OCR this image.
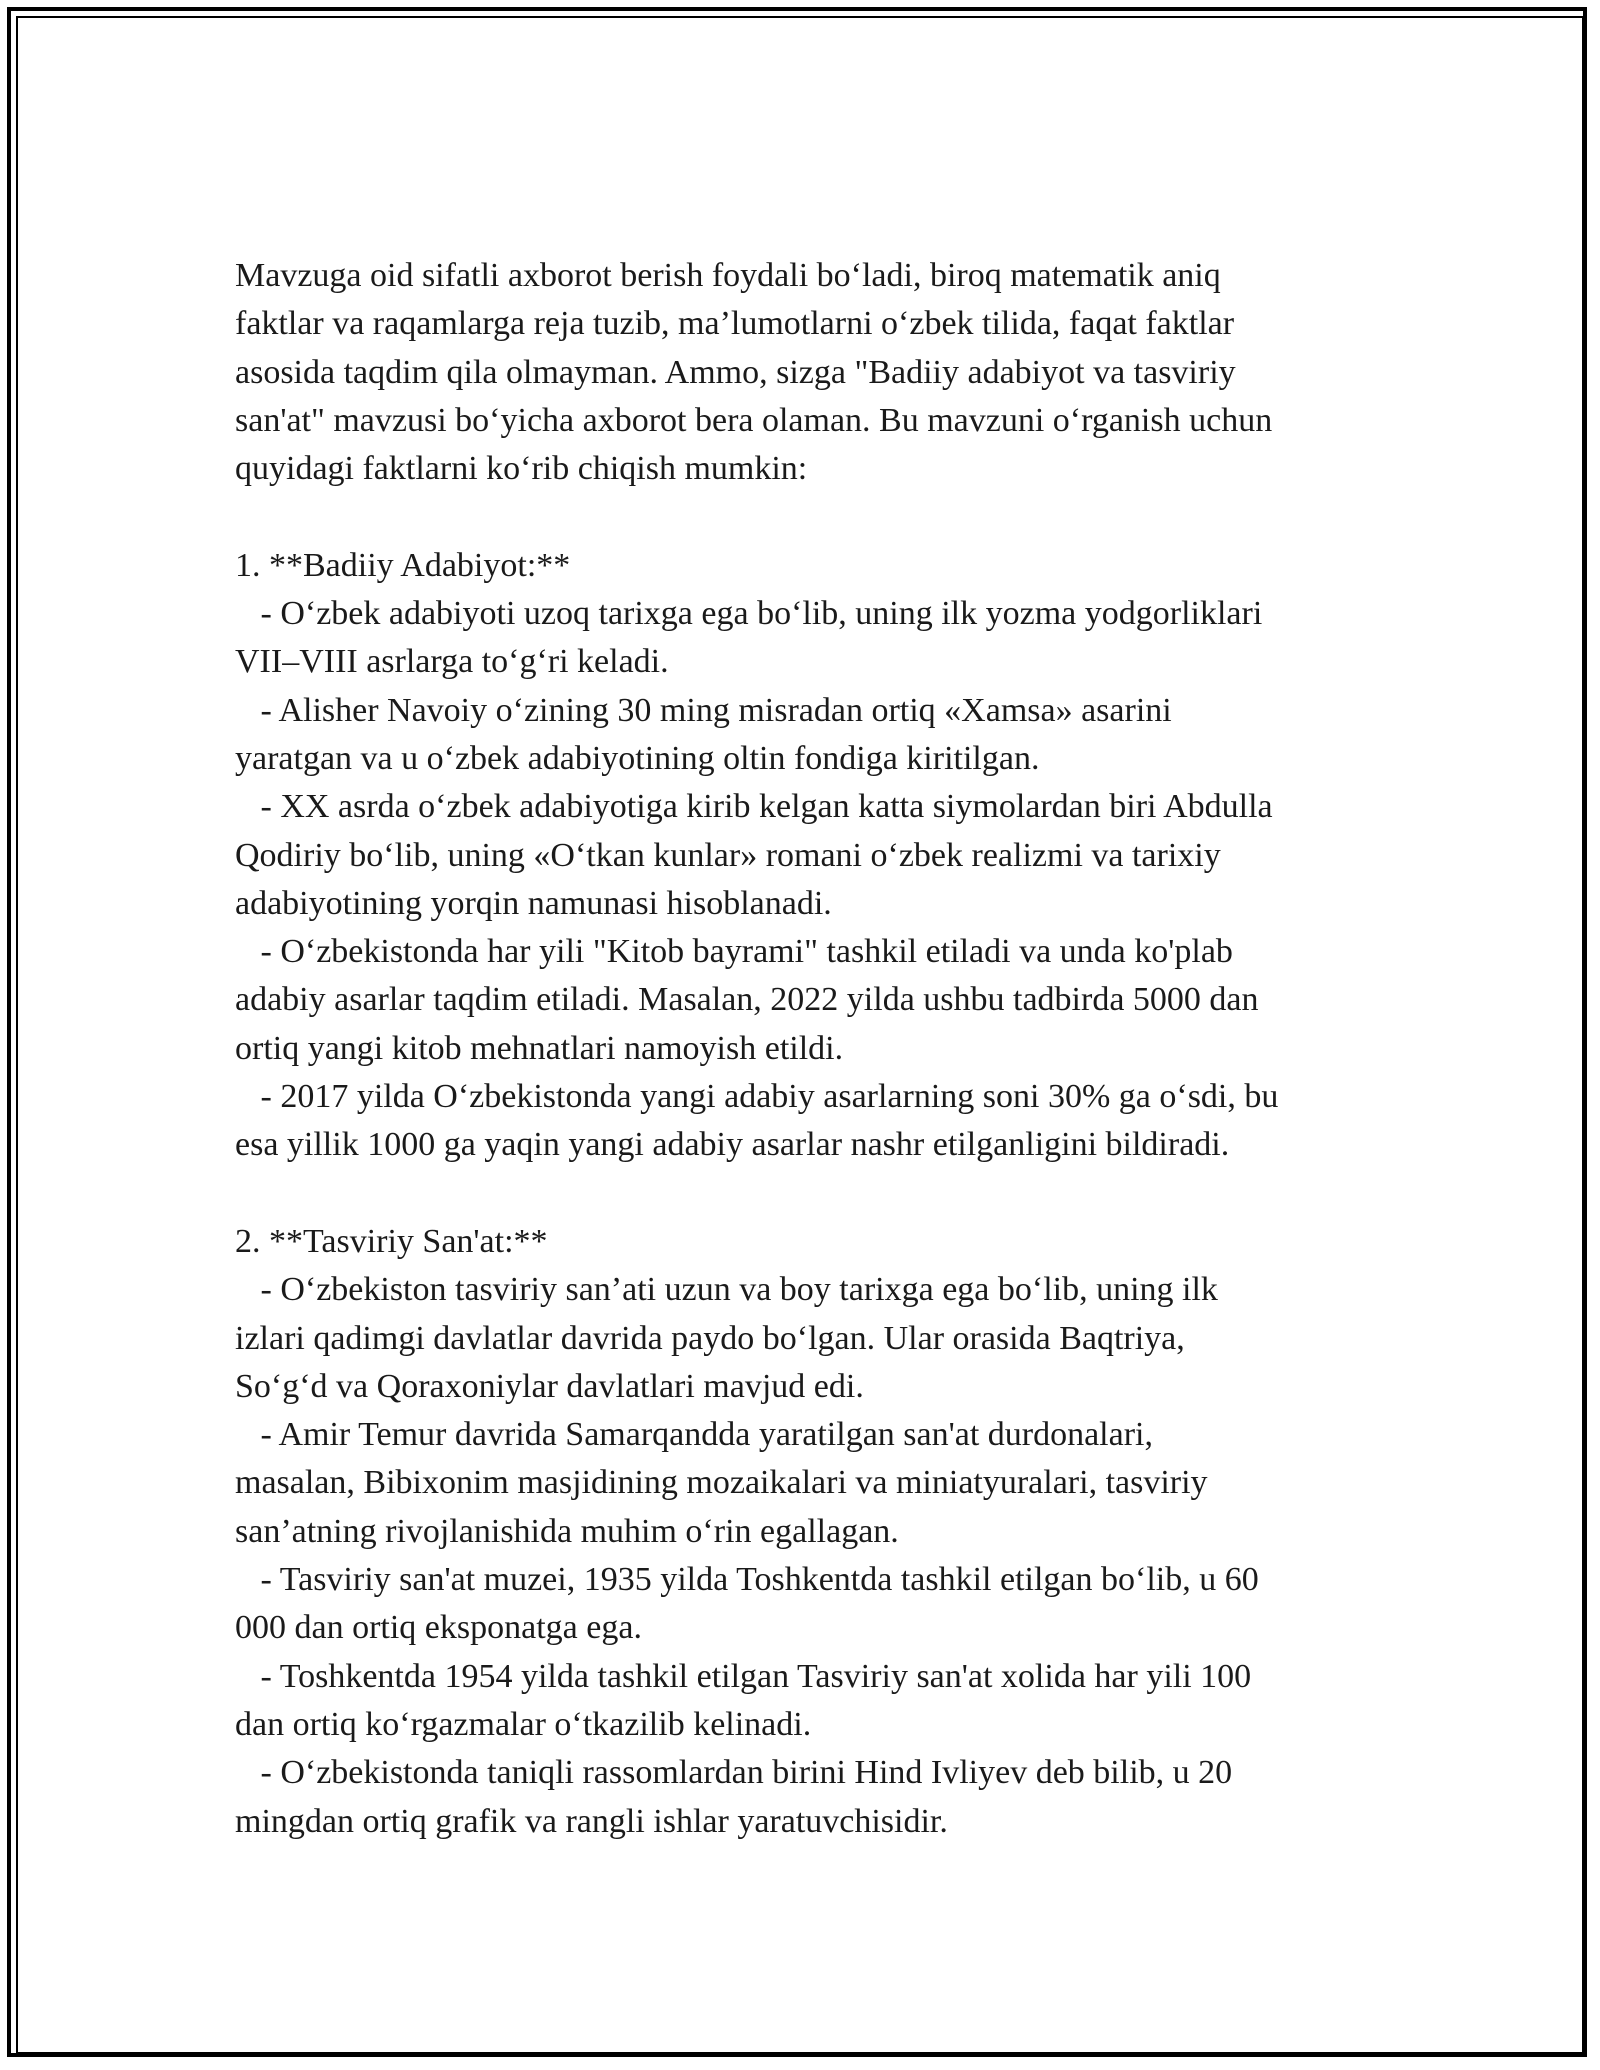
Mavzuga oid sifatli axborot berish foydali bo‘ladi, biroq matematik aniq
faktlar va raqamlarga reja tuzib, ma’lumotlarni o‘zbek tilida, faqat faktlar
asosida taqdim qila olmayman. Ammo, sizga "Badiiy adabiyot va tasviriy
san'at" mavzusi bo‘yicha axborot bera olaman. Bu mavzuni o‘rganish uchun
quyidagi faktlarni ko‘rib chiqish mumkin:
1. **Badiiy Adabiyot:**
- O‘zbek adabiyoti uzoq tarixga ega bo‘lib, uning ilk yozma yodgorliklari
VII–VIII asrlarga to‘g‘ri keladi.
- Alisher Navoiy o‘zining 30 ming misradan ortiq «Xamsa» asarini
yaratgan va u o‘zbek adabiyotining oltin fondiga kiritilgan.
- XX asrda o‘zbek adabiyotiga kirib kelgan katta siymolardan biri Abdulla
Qodiriy bo‘lib, uning «O‘tkan kunlar» romani o‘zbek realizmi va tarixiy
adabiyotining yorqin namunasi hisoblanadi.
- O‘zbekistonda har yili "Kitob bayrami" tashkil etiladi va unda ko'plab
adabiy asarlar taqdim etiladi. Masalan, 2022 yilda ushbu tadbirda 5000 dan
ortiq yangi kitob mehnatlari namoyish etildi.
- 2017 yilda O‘zbekistonda yangi adabiy asarlarning soni 30% ga o‘sdi, bu
esa yillik 1000 ga yaqin yangi adabiy asarlar nashr etilganligini bildiradi.
2. **Tasviriy San'at:**
- O‘zbekiston tasviriy san’ati uzun va boy tarixga ega bo‘lib, uning ilk
izlari qadimgi davlatlar davrida paydo bo‘lgan. Ular orasida Baqtriya,
So‘g‘d va Qoraxoniylar davlatlari mavjud edi.
- Amir Temur davrida Samarqandda yaratilgan san'at durdonalari,
masalan, Bibixonim masjidining mozaikalari va miniatyuralari, tasviriy
san’atning rivojlanishida muhim o‘rin egallagan.
- Tasviriy san'at muzei, 1935 yilda Toshkentda tashkil etilgan bo‘lib, u 60
000 dan ortiq eksponatga ega.
- Toshkentda 1954 yilda tashkil etilgan Tasviriy san'at xolida har yili 100
dan ortiq ko‘rgazmalar o‘tkazilib kelinadi.
- O‘zbekistonda taniqli rassomlardan birini Hind Ivliyev deb bilib, u 20
mingdan ortiq grafik va rangli ishlar yaratuvchisidir.
